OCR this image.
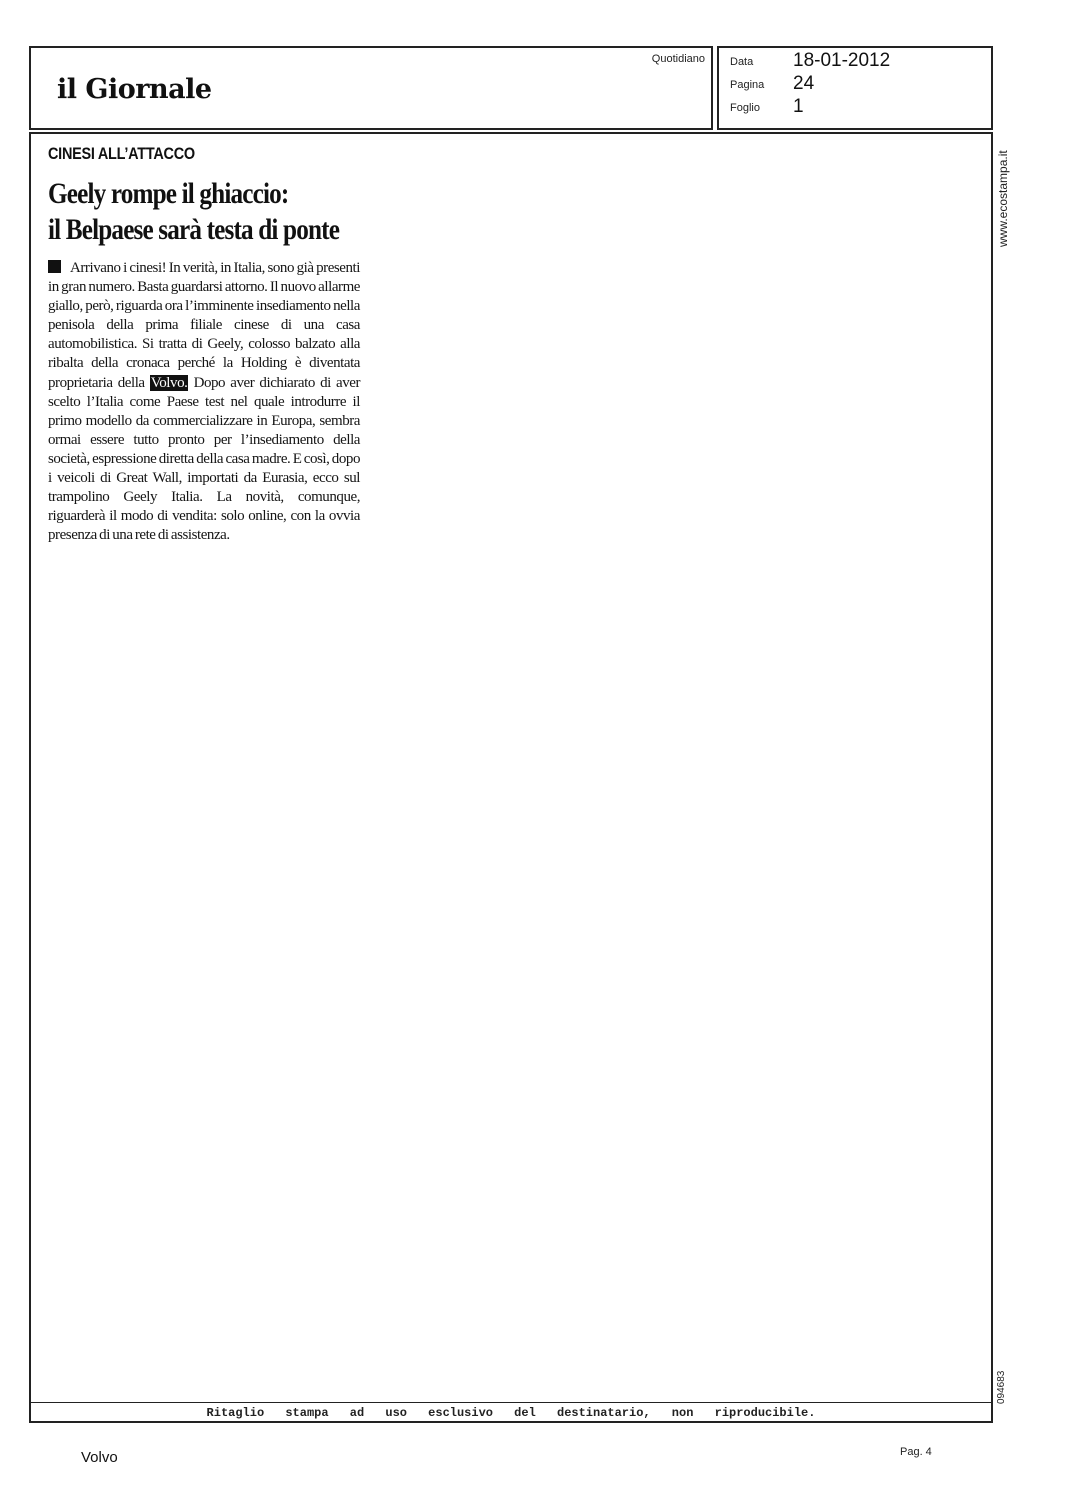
il Giornale
Quotidiano Data 18-01-2012
Pagina 24
Foglio 1
CINESI ALL’ATTACCO
Geely rompe il ghiaccio:
il Belpaese sarà testa di ponte
Arrivano i cinesi! In verità, in Italia, sono già presenti in gran numero. Basta guardarsi attorno. Il nuovo allarme giallo, però, riguarda ora l’imminente insediamento nella penisola della prima filiale cinese di una casa automobilistica. Si tratta di Geely, colosso balzato alla ribalta della cronaca perché la Holding è diventata proprietaria della Volvo. Dopo aver dichiarato di aver scelto l’Italia come Paese test nel quale introdurre il primo modello da commercializzare in Europa, sembra ormai essere tutto pronto per l’insediamento della società, espressione diretta della casa madre. E così, dopo i veicoli di Great Wall, importati da Eurasia, ecco sul trampolino Geely Italia. La novità, comunque, riguarderà il modo di vendita: solo online, con la ovvia presenza di una rete di assistenza.
Ritaglio stampa ad uso esclusivo del destinatario, non riproducibile.
www.ecostampa.it
094683
Volvo	Pag. 4
